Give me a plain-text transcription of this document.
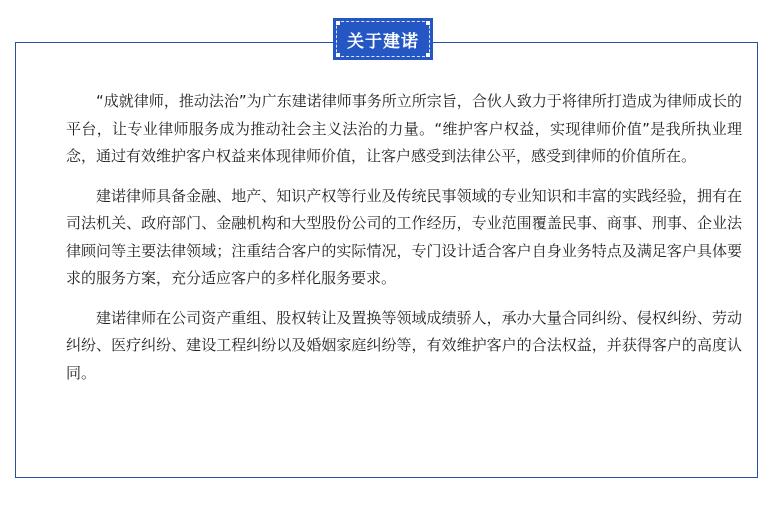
关于建诺

“成就律师，推动法治”为广东建诺律师事务所立所宗旨，合伙人致力于将律所打造成为律师成长的平台，让专业律师服务成为推动社会主义法治的力量。“维护客户权益，实现律师价值”是我所执业理念，通过有效维护客户权益来体现律师价值，让客户感受到法律公平，感受到律师的价值所在。

建诺律师具备金融、地产、知识产权等行业及传统民事领域的专业知识和丰富的实践经验，拥有在司法机关、政府部门、金融机构和大型股份公司的工作经历，专业范围覆盖民事、商事、刑事、企业法律顾问等主要法律领域；注重结合客户的实际情况，专门设计适合客户自身业务特点及满足客户具体要求的服务方案，充分适应客户的多样化服务要求。

建诺律师在公司资产重组、股权转让及置换等领域成绩骄人，承办大量合同纠纷、侵权纠纷、劳动纠纷、医疗纠纷、建设工程纠纷以及婚姻家庭纠纷等，有效维护客户的合法权益，并获得客户的高度认同。
